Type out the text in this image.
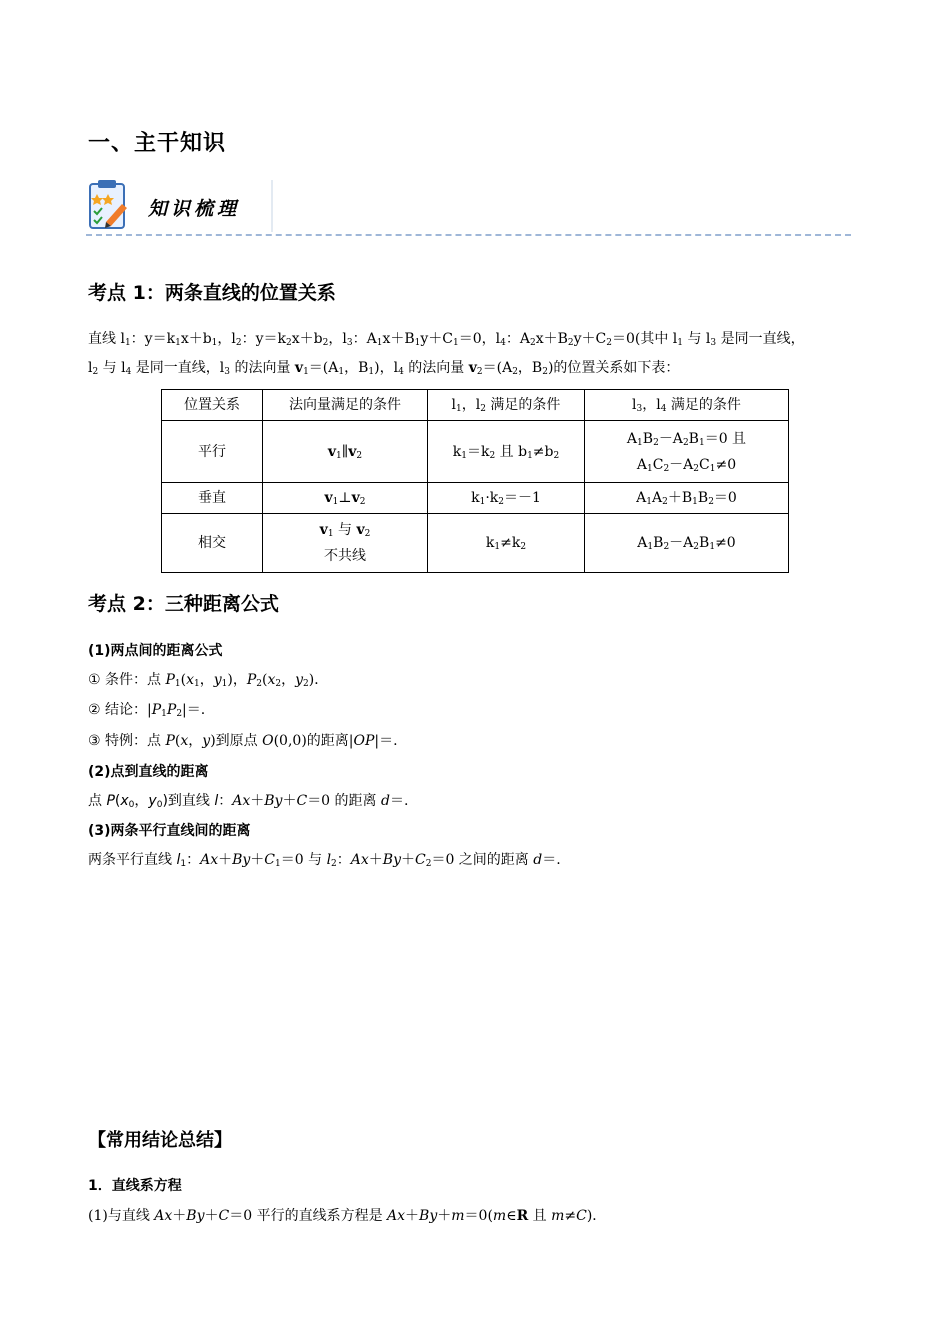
一、主干知识
知识梳理
考点 1：两条直线的位置关系

直线 $l_1$：$y=k_1x+b_1$，$l_2$：$y=k_2x+b_2$，$l_3$：$A_1x+B_1y+C_1=0$，$l_4$：$A_2x+B_2y+C_2=0$(其中 $l_1$ 与 $l_3$ 是同一直线，

$l_2$ 与 $l_4$ 是同一直线，$l_3$ 的法向量 $v_1=(A_1$，$B_1$)，$l_4$ 的法向量 $v_2=(A_2$，$B_2$)的位置关系如下表：

位置关系	法向量满足的条件	$l_1$，$l_2$ 满足的条件	$l_3$，$l_4$ 满足的条件
平行	$v_1\parallel v_2$	$k_1=k_2$ 且 $b_1\ne b_2$	$A_1B_2-A_2B_1=0$ 且
$A_1C_2-A_2C_1\ne 0$
垂直	$v_1\perp v_2$	$k_1\cdot k_2=-1$	$A_1A_2+B_1B_2=0$
相交	$v_1$ 与 $v_2$
不共线	$k_1\ne k_2$	$A_1B_2-A_2B_1\ne 0$
考点 2：三种距离公式
(1)两点间的距离公式
① 条件：点 $P_1(x_1$，$y_1$)，$P_2(x_2$，$y_2$)．
② 结论：$|P_1P_2|=$.
③ 特例：点 P(x，y)到原点 O(0,0)的距离|OP|＝.
(2)点到直线的距离
点 $P(x_0$，$y_0$)到直线 l：Ax＋By＋C＝0 的距离 d＝.
(3)两条平行直线间的距离
两条平行直线 $l_1$：$Ax+By+C_1=0$ 与 $l_2$：$Ax+By+C_2=0$ 之间的距离 d＝.
【常用结论总结】
1．直线系方程
(1)与直线 Ax＋By＋C＝0 平行的直线系方程是 Ax＋By＋m＝0(m∈R 且 m≠C)．
